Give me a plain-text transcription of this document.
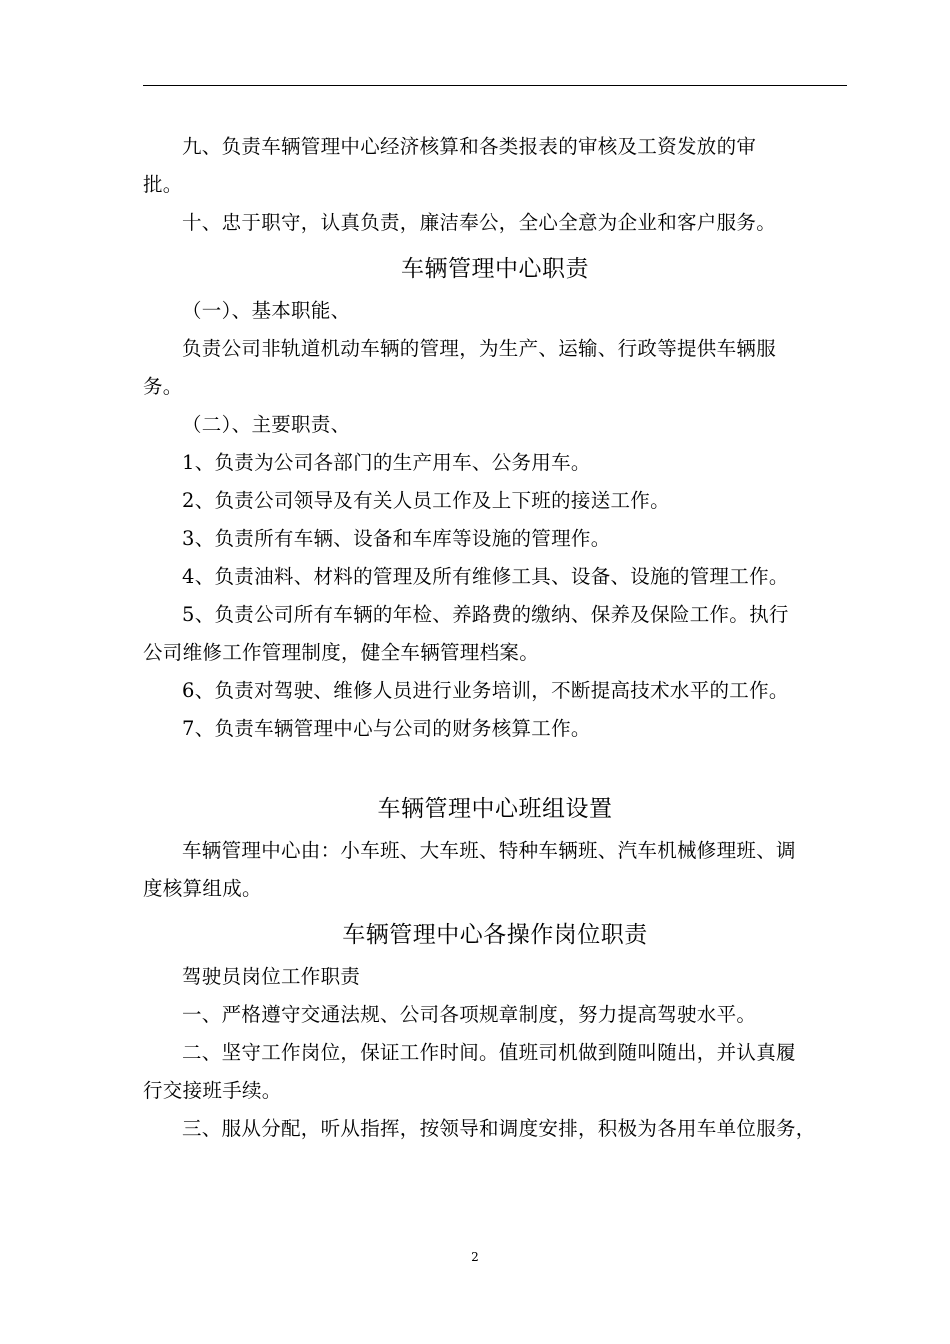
九、负责车辆管理中心经济核算和各类报表的审核及工资发放的审

批。

十、忠于职守，认真负责，廉洁奉公，全心全意为企业和客户服务。

车辆管理中心职责

（一）、基本职能、

负责公司非轨道机动车辆的管理，为生产、运输、行政等提供车辆服

务。

（二）、主要职责、

1、负责为公司各部门的生产用车、公务用车。

2、负责公司领导及有关人员工作及上下班的接送工作。

3、负责所有车辆、设备和车库等设施的管理作。

4、负责油料、材料的管理及所有维修工具、设备、设施的管理工作。

5、负责公司所有车辆的年检、养路费的缴纳、保养及保险工作。执行

公司维修工作管理制度，健全车辆管理档案。

6、负责对驾驶、维修人员进行业务培训，不断提高技术水平的工作。

7、负责车辆管理中心与公司的财务核算工作。

车辆管理中心班组设置

车辆管理中心由：小车班、大车班、特种车辆班、汽车机械修理班、调

度核算组成。

车辆管理中心各操作岗位职责

驾驶员岗位工作职责

一、严格遵守交通法规、公司各项规章制度，努力提高驾驶水平。

二、坚守工作岗位，保证工作时间。值班司机做到随叫随出，并认真履

行交接班手续。

三、服从分配，听从指挥，按领导和调度安排，积极为各用车单位服务，

2
